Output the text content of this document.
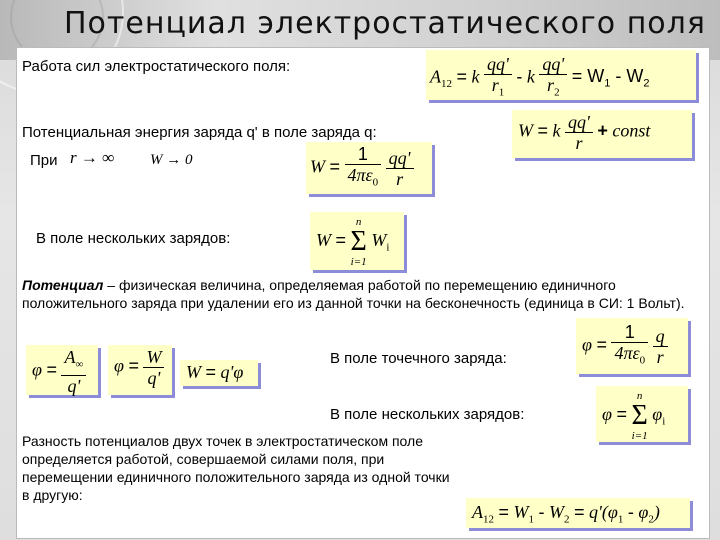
Потенциал электростатического поля
Работа сил электростатического поля:	$A_{12} = k \frac{qq'}{r_1} - k \frac{qq'}{r_2} = W_1 - W_2$
Потенциальная энергия заряда q' в поле заряда q:	W = k $\frac{qq'}{r}$ + const
При r → ∞ W → 0	$W = \frac{1}{4\pi\varepsilon_0}$
$\frac{qq'}{r}$
В поле нескольких зарядов:	W =
n
Σ
i=1
$W_i$
Потенциал – физическая величина, определяемая работой по перемещению единичного положительного заряда при удалении его из данной точки на бесконечность (единица в СИ: 1 Вольт).
$\varphi = \frac{A_\infty}{q'}$ $\varphi = \frac{W}{q'}$ W = q'φ
В поле точечного заряда:
$\varphi = \frac{1}{4\pi\varepsilon_0}$
$\frac{q}{r}$
В поле нескольких зарядов:	φ =
n
Σ
i=1
$\varphi_i$
Разность потенциалов двух точек в электростатическом поле определяется работой, совершаемой силами поля, при перемещении единичного положительного заряда из одной точки в другую:
$A_{12} = W_1 - W_2 = q'(\varphi_1 - \varphi_2)$
